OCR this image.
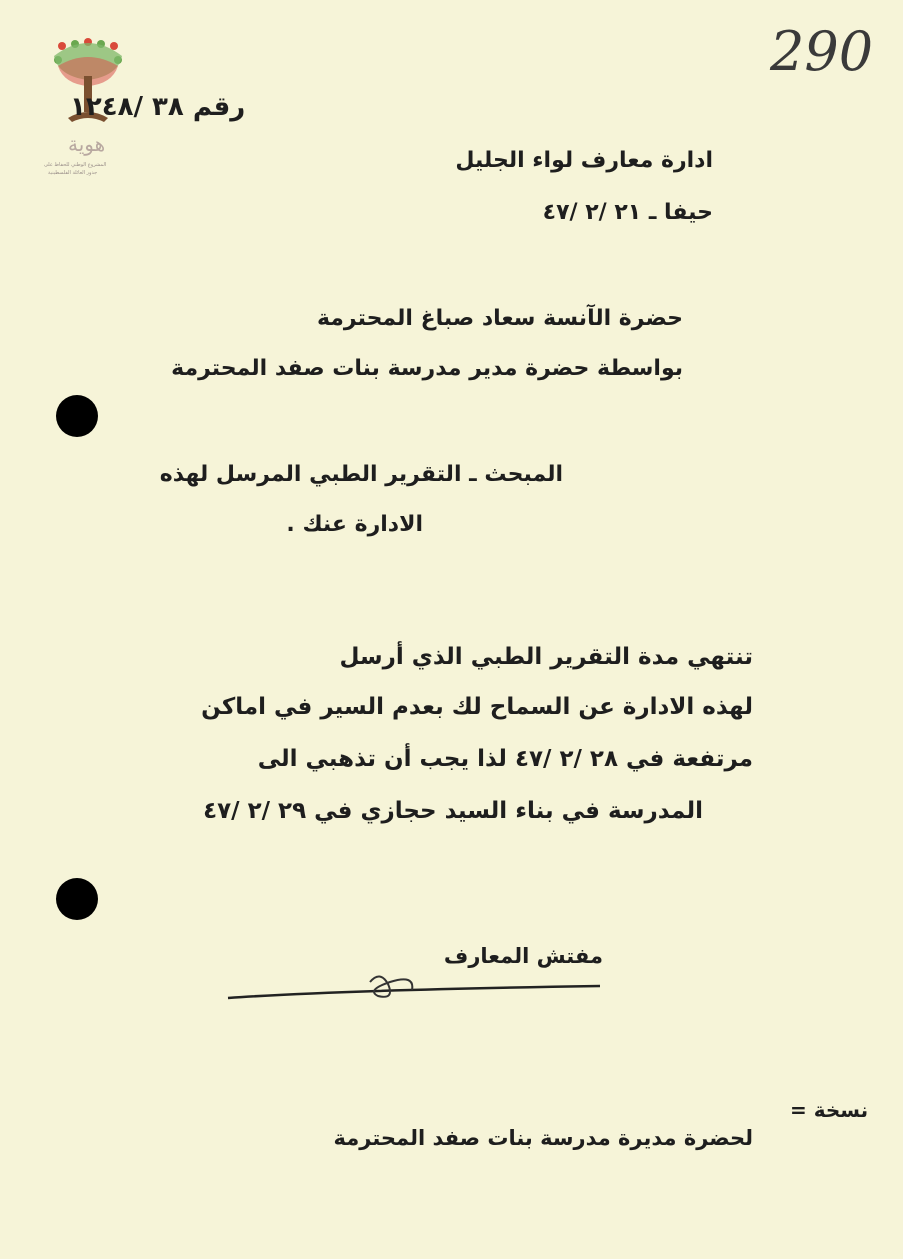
هوية
المشروع الوطني للحفاظ على
جذور العائلة الفلسطينية
رقم ٣٨ /١٢٤٨
290
ادارة معارف لواء الجليل
حيفا ـ ٢١ /٢ /٤٧
حضرة الآنسة سعاد صباغ المحترمة
بواسطة حضرة مدير مدرسة بنات صفد المحترمة
المبحث ـ التقرير الطبي المرسل لهذه
الادارة عنك .
تنتهي مدة التقرير الطبي الذي أرسل
لهذه الادارة عن السماح لك بعدم السير في اماكن
مرتفعة في ٢٨ /٢ /٤٧ لذا يجب أن تذهبي الى
المدرسة في بناء السيد حجازي في ٢٩ /٢ /٤٧
مفتش المعارف
نسخة =
لحضرة مديرة مدرسة بنات صفد المحترمة
